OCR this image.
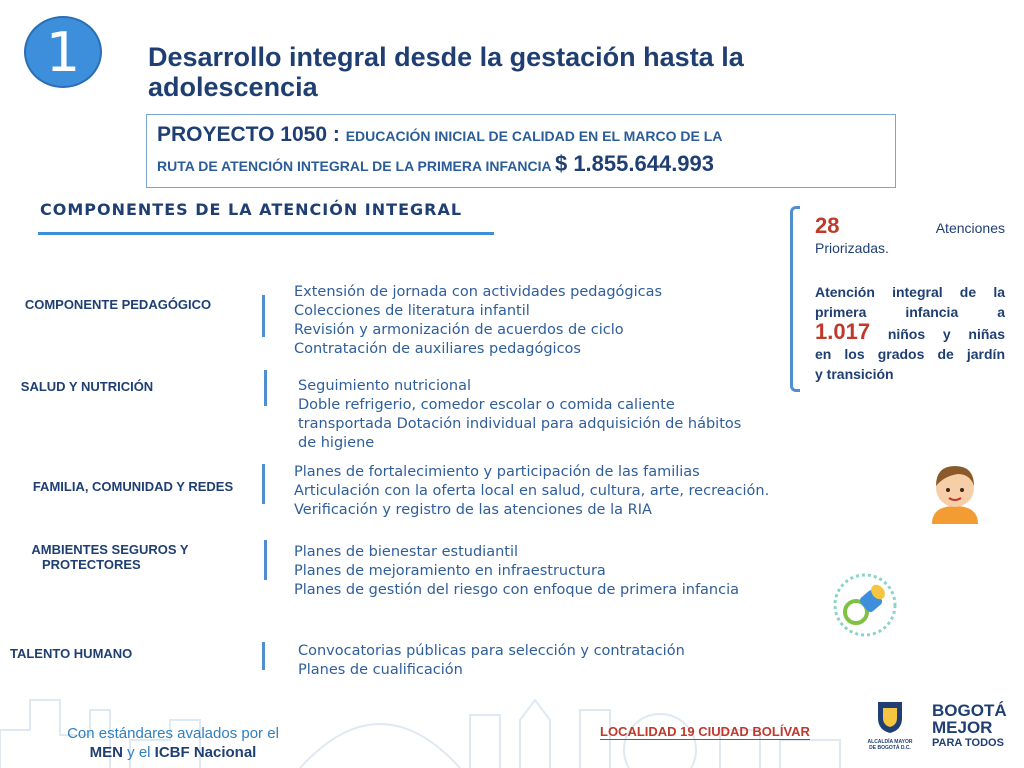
1	Desarrollo integral desde la gestación hasta la adolescencia
PROYECTO 1050 : EDUCACIÓN INICIAL DE CALIDAD EN EL MARCO DE LA
RUTA DE ATENCIÓN INTEGRAL DE LA PRIMERA INFANCIA $ 1.855.644.993
COMPONENTES DE LA ATENCIÓN INTEGRAL
COMPONENTE PEDAGÓGICO
Extensión de jornada con actividades pedagógicas
Colecciones de literatura infantil
Revisión y armonización de acuerdos de ciclo
Contratación de auxiliares pedagógicos
SALUD Y NUTRICIÓN	Seguimiento nutricional
Doble refrigerio, comedor escolar o comida caliente
transportada Dotación individual para adquisición de hábitos
de higiene
FAMILIA, COMUNIDAD Y REDES
Planes de fortalecimiento y participación de las familias
Articulación con la oferta local en salud, cultura, arte, recreación.
Verificación y registro de las atenciones de la RIA
AMBIENTES SEGUROS Y
PROTECTORES
Planes de bienestar estudiantil
Planes de mejoramiento en infraestructura
Planes de gestión del riesgo con enfoque de primera infancia
TALENTO HUMANO	Convocatorias públicas para selección y contratación
Planes de cualificación
28	Atenciones
Priorizadas.
Atención integral de la
primera infancia a
1.017 niños y niñas
en los grados de jardín
y transición
Con estándares avalados por el
MEN y el ICBF Nacional
LOCALIDAD 19 CIUDAD BOLÍVAR
ALCALDÍA MAYOR
DE BOGOTÁ D.C.
BOGOTÁ
MEJOR
PARA TODOS
